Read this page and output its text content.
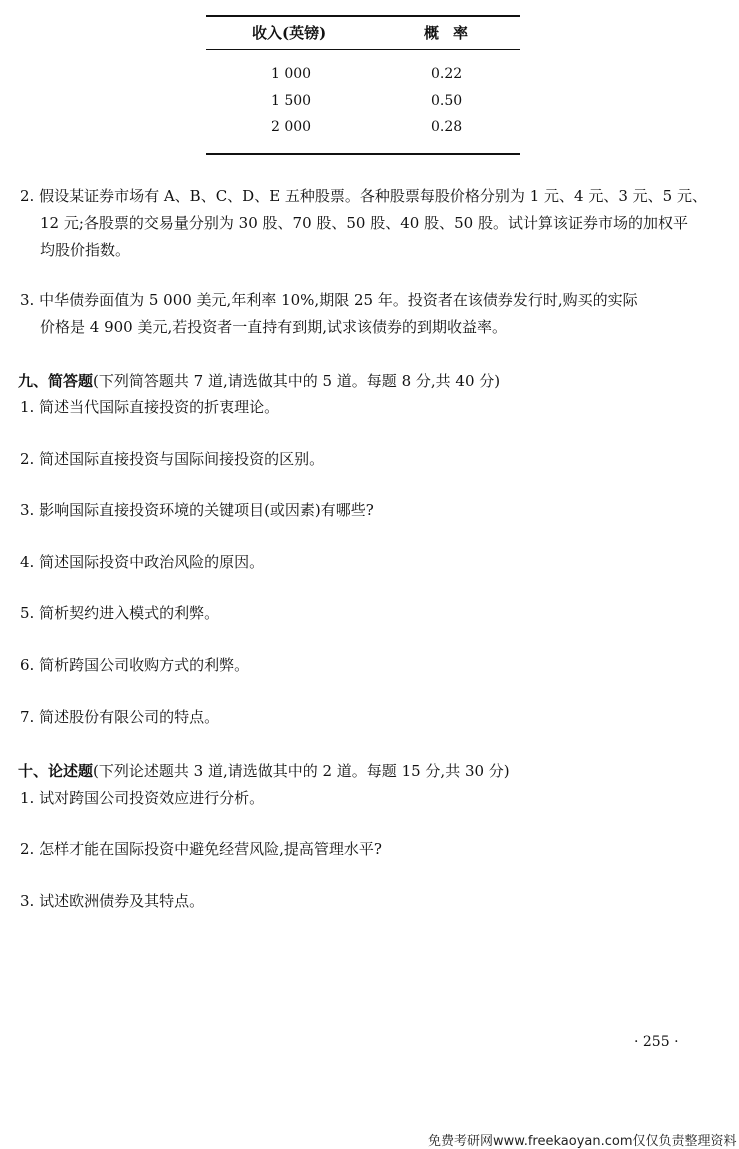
收入(英镑)	概率
1 000	0.22
1 500	0.50
2 000	0.28
2. 假设某证券市场有 A、B、C、D、E 五种股票。各种股票每股价格分别为 1 元、4 元、3 元、5 元、
12 元;各股票的交易量分别为 30 股、70 股、50 股、40 股、50 股。试计算该证券市场的加权平
均股价指数。
3. 中华债券面值为 5 000 美元,年利率 10%,期限 25 年。投资者在该债券发行时,购买的实际
价格是 4 900 美元,若投资者一直持有到期,试求该债券的到期收益率。
九、简答题(下列简答题共 7 道,请选做其中的 5 道。每题 8 分,共 40 分)
1. 简述当代国际直接投资的折衷理论。
2. 简述国际直接投资与国际间接投资的区别。
3. 影响国际直接投资环境的关键项目(或因素)有哪些?
4. 简述国际投资中政治风险的原因。
5. 简析契约进入模式的利弊。
6. 简析跨国公司收购方式的利弊。
7. 简述股份有限公司的特点。
十、论述题(下列论述题共 3 道,请选做其中的 2 道。每题 15 分,共 30 分)
1. 试对跨国公司投资效应进行分析。
2. 怎样才能在国际投资中避免经营风险,提高管理水平?
3. 试述欧洲债券及其特点。
· 255 ·
免费考研网www.freekaoyan.com仅仅负责整理资料
